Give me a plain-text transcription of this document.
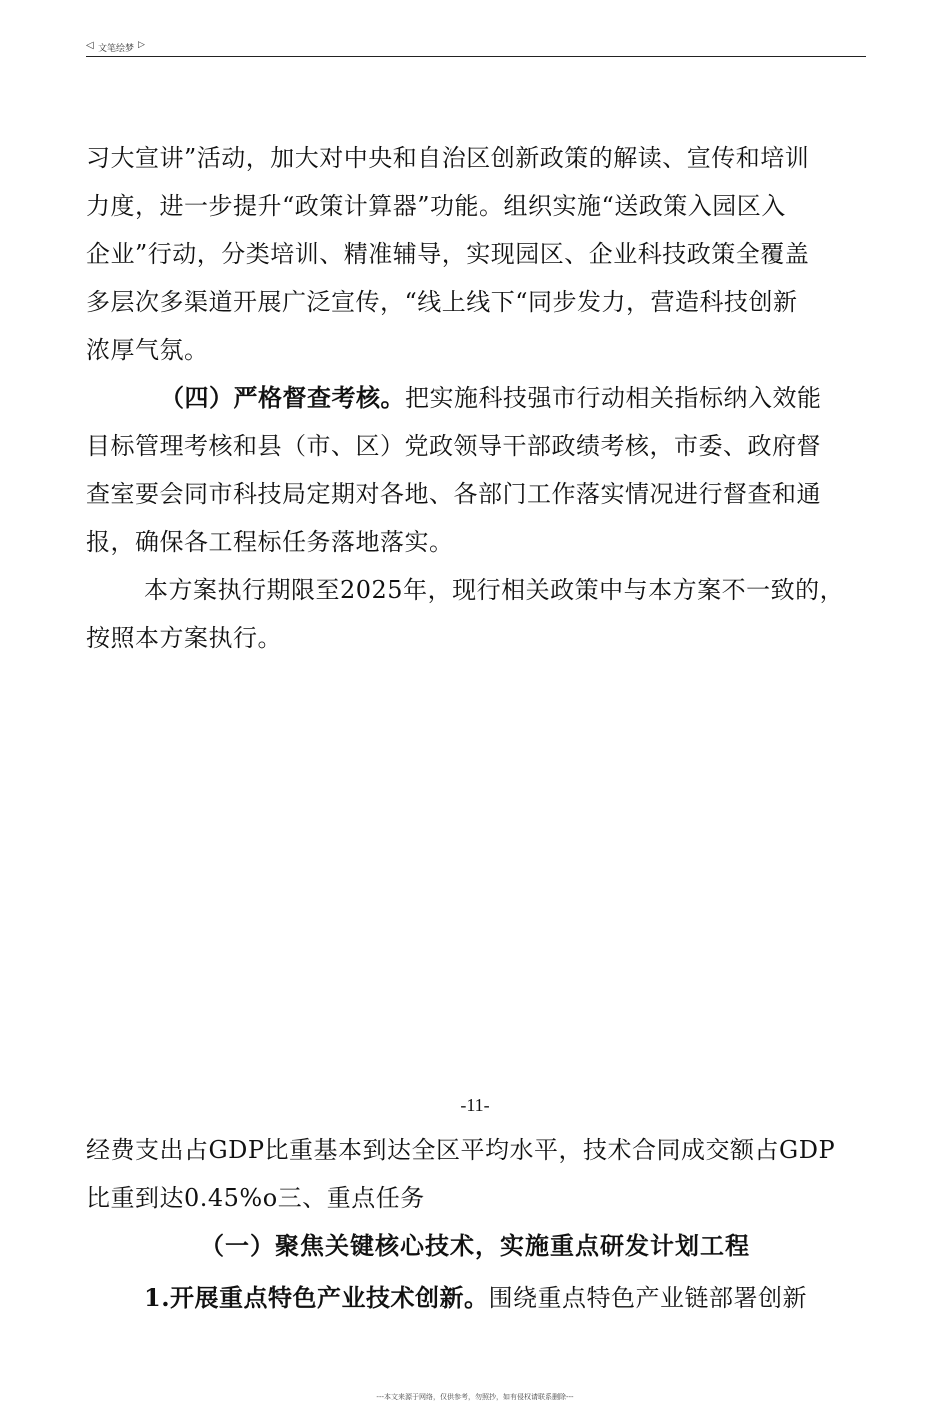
◁ 文笔绘梦 ▷
习大宣讲”活动，加大对中央和自治区创新政策的解读、宣传和培训
力度，进一步提升“政策计算器”功能。组织实施“送政策入园区入
企业”行动，分类培训、精准辅导，实现园区、企业科技政策全覆盖
多层次多渠道开展广泛宣传，“线上线下“同步发力，营造科技创新
浓厚气氛。
（四）严格督查考核。把实施科技强市行动相关指标纳入效能
目标管理考核和县（市、区）党政领导干部政绩考核，市委、政府督
查室要会同市科技局定期对各地、各部门工作落实情况进行督查和通
报，确保各工程标任务落地落实。
本方案执行期限至2025年，现行相关政策中与本方案不一致的，
按照本方案执行。
-11-
经费支出占GDP比重基本到达全区平均水平，技术合同成交额占GDP
比重到达0.45%o三、重点任务
（一）聚焦关键核心技术，实施重点研发计划工程
1.开展重点特色产业技术创新。围绕重点特色产业链部署创新
---本文来源于网络，仅供参考，勿照抄，如有侵权请联系删除---
